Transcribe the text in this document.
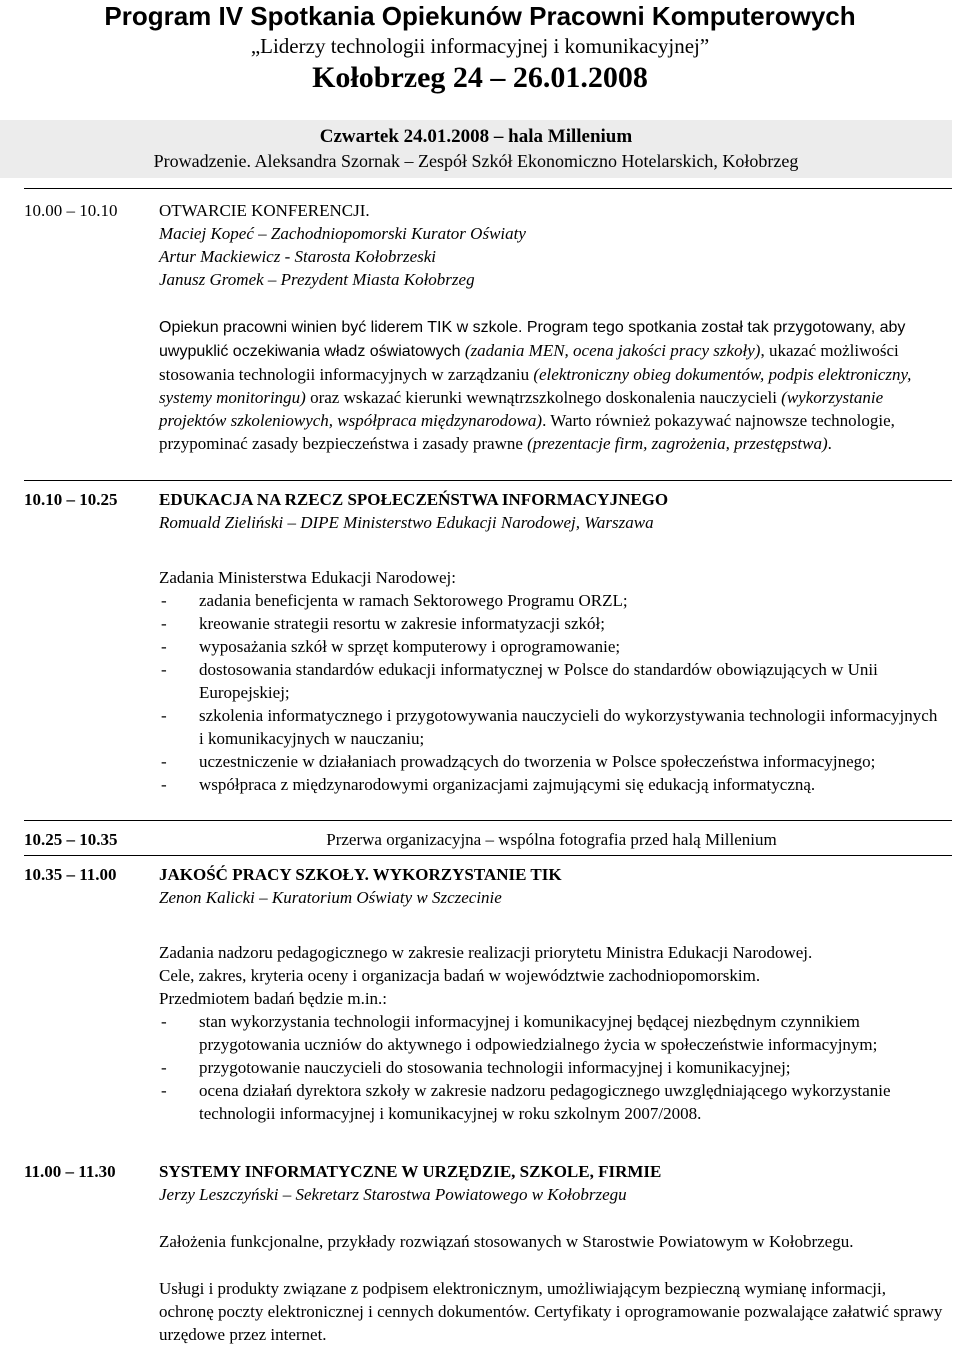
Program IV Spotkania Opiekunów Pracowni Komputerowych
„Liderzy technologii informacyjnej i komunikacyjnej”
Kołobrzeg 24 – 26.01.2008
Czwartek 24.01.2008 – hala Millenium
Prowadzenie. Aleksandra Szornak – Zespół Szkół Ekonomiczno Hotelarskich, Kołobrzeg
10.00 – 10.10 OTWARCIE KONFERENCJI.
Maciej Kopeć – Zachodniopomorski Kurator Oświaty
Artur Mackiewicz - Starosta Kołobrzeski
Janusz Gromek – Prezydent Miasta Kołobrzeg

Opiekun pracowni winien być liderem TIK w szkole. Program tego spotkania został tak przygotowany, aby uwypuklić oczekiwania władz oświatowych (zadania MEN, ocena jakości pracy szkoły), ukazać możliwości stosowania technologii informacyjnych w zarządzaniu (elektroniczny obieg dokumentów, podpis elektroniczny, systemy monitoringu) oraz wskazać kierunki wewnątrzszkolnego doskonalenia nauczycieli (wykorzystanie projektów szkoleniowych, współpraca międzynarodowa). Warto również pokazywać najnowsze technologie, przypominać zasady bezpieczeństwa i zasady prawne (prezentacje firm, zagrożenia, przestępstwa).

10.10 – 10.25 EDUKACJA NA RZECZ SPOŁECZEŃSTWA INFORMACYJNEGO
Romuald Zieliński – DIPE Ministerstwo Edukacji Narodowej, Warszawa
Zadania Ministerstwa Edukacji Narodowej:
- zadania beneficjenta w ramach Sektorowego Programu ORZL;
- kreowanie strategii resortu w zakresie informatyzacji szkół;
- wyposażania szkół w sprzęt komputerowy i oprogramowanie;
- dostosowania standardów edukacji informatycznej w Polsce do standardów obowiązujących w Unii Europejskiej;
- szkolenia informatycznego i przygotowywania nauczycieli do wykorzystywania technologii informacyjnych i komunikacyjnych w nauczaniu;
- uczestniczenie w działaniach prowadzących do tworzenia w Polsce społeczeństwa informacyjnego;
- współpraca z międzynarodowymi organizacjami zajmującymi się edukacją informatyczną.
10.25 – 10.35	Przerwa organizacyjna – wspólna fotografia przed halą Millenium
10.35 – 11.00 JAKOŚĆ PRACY SZKOŁY. WYKORZYSTANIE TIK
Zenon Kalicki – Kuratorium Oświaty w Szczecinie
Zadania nadzoru pedagogicznego w zakresie realizacji priorytetu Ministra Edukacji Narodowej.
Cele, zakres, kryteria oceny i organizacja badań w województwie zachodniopomorskim.
Przedmiotem badań będzie m.in.:
- stan wykorzystania technologii informacyjnej i komunikacyjnej będącej niezbędnym czynnikiem przygotowania uczniów do aktywnego i odpowiedzialnego życia w społeczeństwie informacyjnym;
- przygotowanie nauczycieli do stosowania technologii informacyjnej i komunikacyjnej;
- ocena działań dyrektora szkoły w zakresie nadzoru pedagogicznego uwzględniającego wykorzystanie technologii informacyjnej i komunikacyjnej w roku szkolnym 2007/2008.
11.00 – 11.30	SYSTEMY INFORMATYCZNE W URZĘDZIE, SZKOLE, FIRMIE
Jerzy Leszczyński – Sekretarz Starostwa Powiatowego w Kołobrzegu

Założenia funkcjonalne, przykłady rozwiązań stosowanych w Starostwie Powiatowym w Kołobrzegu.

Usługi i produkty związane z podpisem elektronicznym, umożliwiającym bezpieczną wymianę informacji, ochronę poczty elektronicznej i cennych dokumentów. Certyfikaty i oprogramowanie pozwalające załatwić sprawy urzędowe przez internet.
